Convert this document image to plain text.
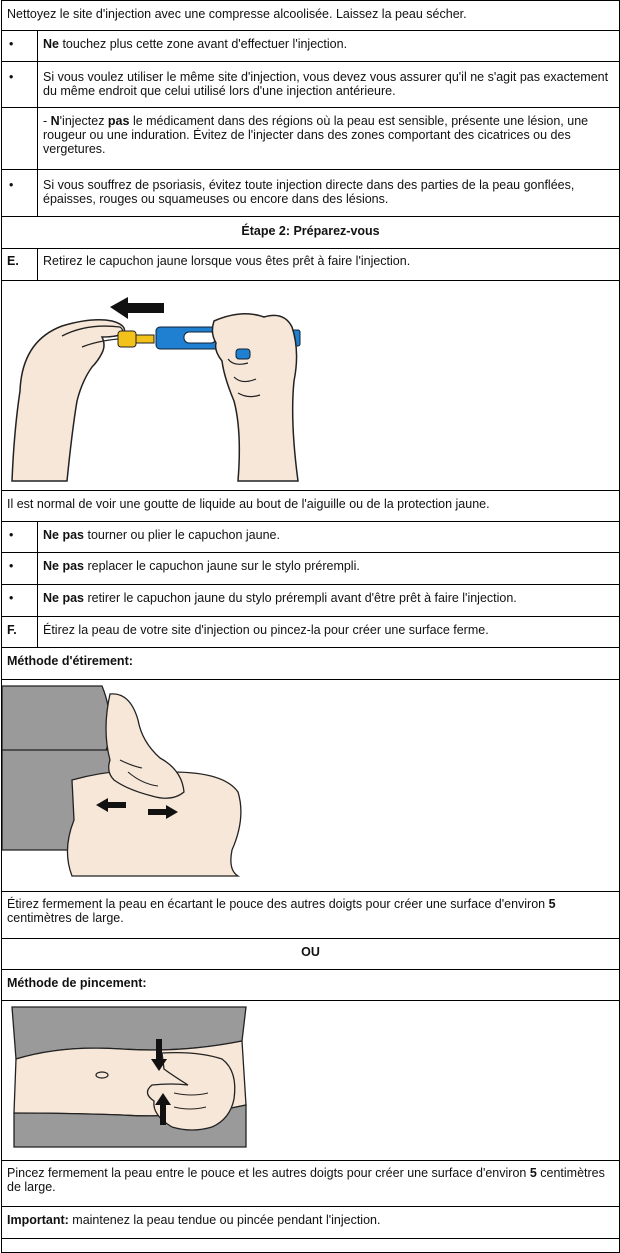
Nettoyez le site d'injection avec une compresse alcoolisée. Laissez la peau sécher.	
•	Ne touchez plus cette zone avant d'effectuer l'injection.
•	Si vous voulez utiliser le même site d'injection, vous devez vous assurer qu'il ne s'agit pas exactement du même endroit que celui utilisé lors d'une injection antérieure.
	- N'injectez pas le médicament dans des régions où la peau est sensible, présente une lésion, une rougeur ou une induration. Évitez de l'injecter dans des zones comportant des cicatrices ou des vergetures.
•	Si vous souffrez de psoriasis, évitez toute injection directe dans des parties de la peau gonflées, épaisses, rouges ou squameuses ou encore dans des lésions.
Étape 2: Préparez-vous	
E.	Retirez le capuchon jaune lorsque vous êtes prêt à faire l'injection.

Il est normal de voir une goutte de liquide au bout de l'aiguille ou de la protection jaune.	
•	Ne pas tourner ou plier le capuchon jaune.
•	Ne pas replacer le capuchon jaune sur le stylo prérempli.
•	Ne pas retirer le capuchon jaune du stylo prérempli avant d'être prêt à faire l'injection.
F.	Étirez la peau de votre site d'injection ou pincez-la pour créer une surface ferme.
Méthode d'étirement:	

Étirez fermement la peau en écartant le pouce des autres doigts pour créer une surface d'environ 5 centimètres de large.	
OU	
Méthode de pincement:	

Pincez fermement la peau entre le pouce et les autres doigts pour créer une surface d'environ 5 centimètres de large.	
Important: maintenez la peau tendue ou pincée pendant l'injection.	
